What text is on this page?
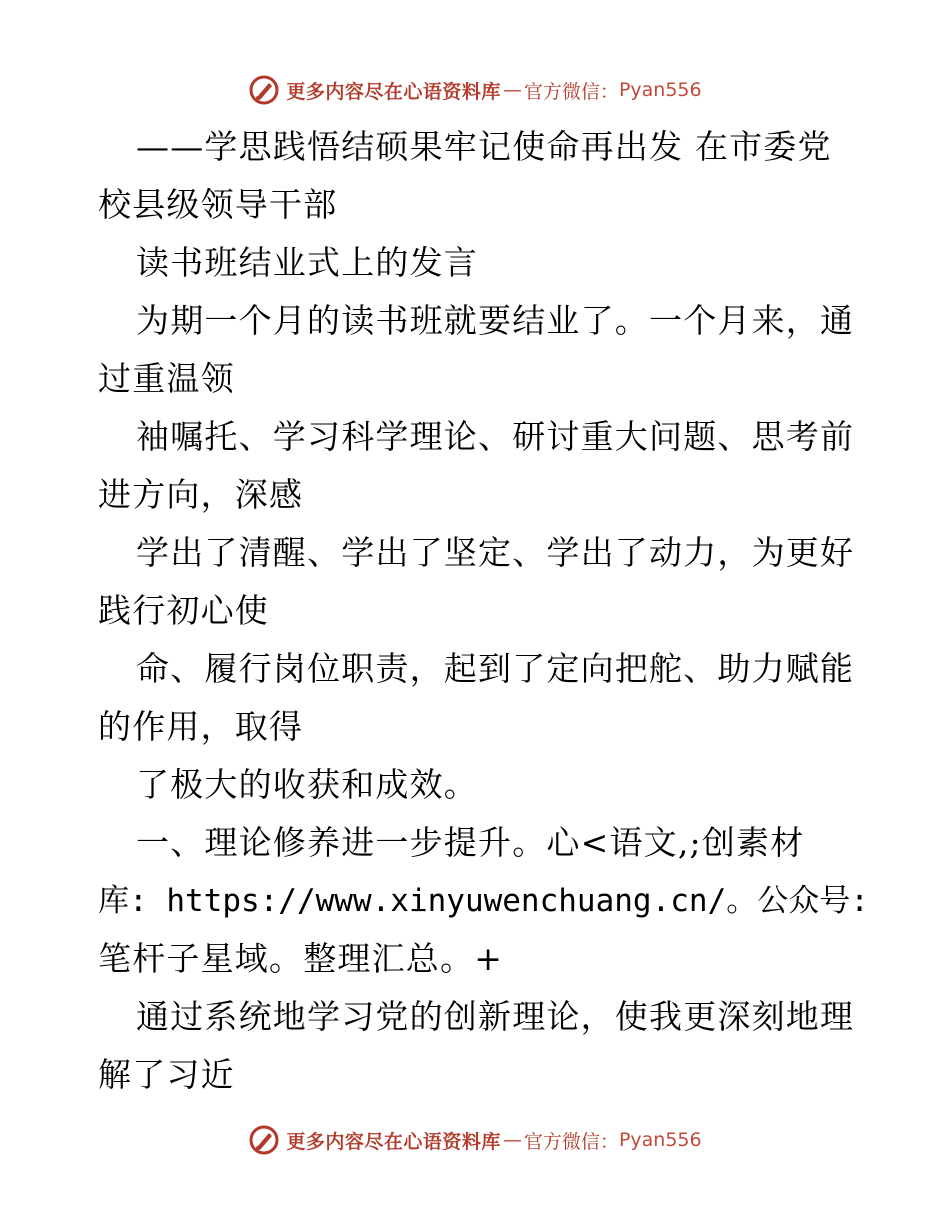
更多内容尽在心语资料库 — 官方微信： Pyan556
——学思践悟结硕果牢记使命再出发 在市委党
校县级领导干部
读书班结业式上的发言
为期一个月的读书班就要结业了。一个月来，通
过重温领
袖嘱托、学习科学理论、研讨重大问题、思考前
进方向，深感
学出了清醒、学出了坚定、学出了动力，为更好
践行初心使
命、履行岗位职责，起到了定向把舵、助力赋能
的作用，取得
了极大的收获和成效。
一、理论修养进一步提升。心<语文,;创素材
库: https://www.xinyuwenchuang.cn/。公众号:
笔杆子星域。整理汇总。+
通过系统地学习党的创新理论，使我更深刻地理
解了习近
更多内容尽在心语资料库 — 官方微信： Pyan556
